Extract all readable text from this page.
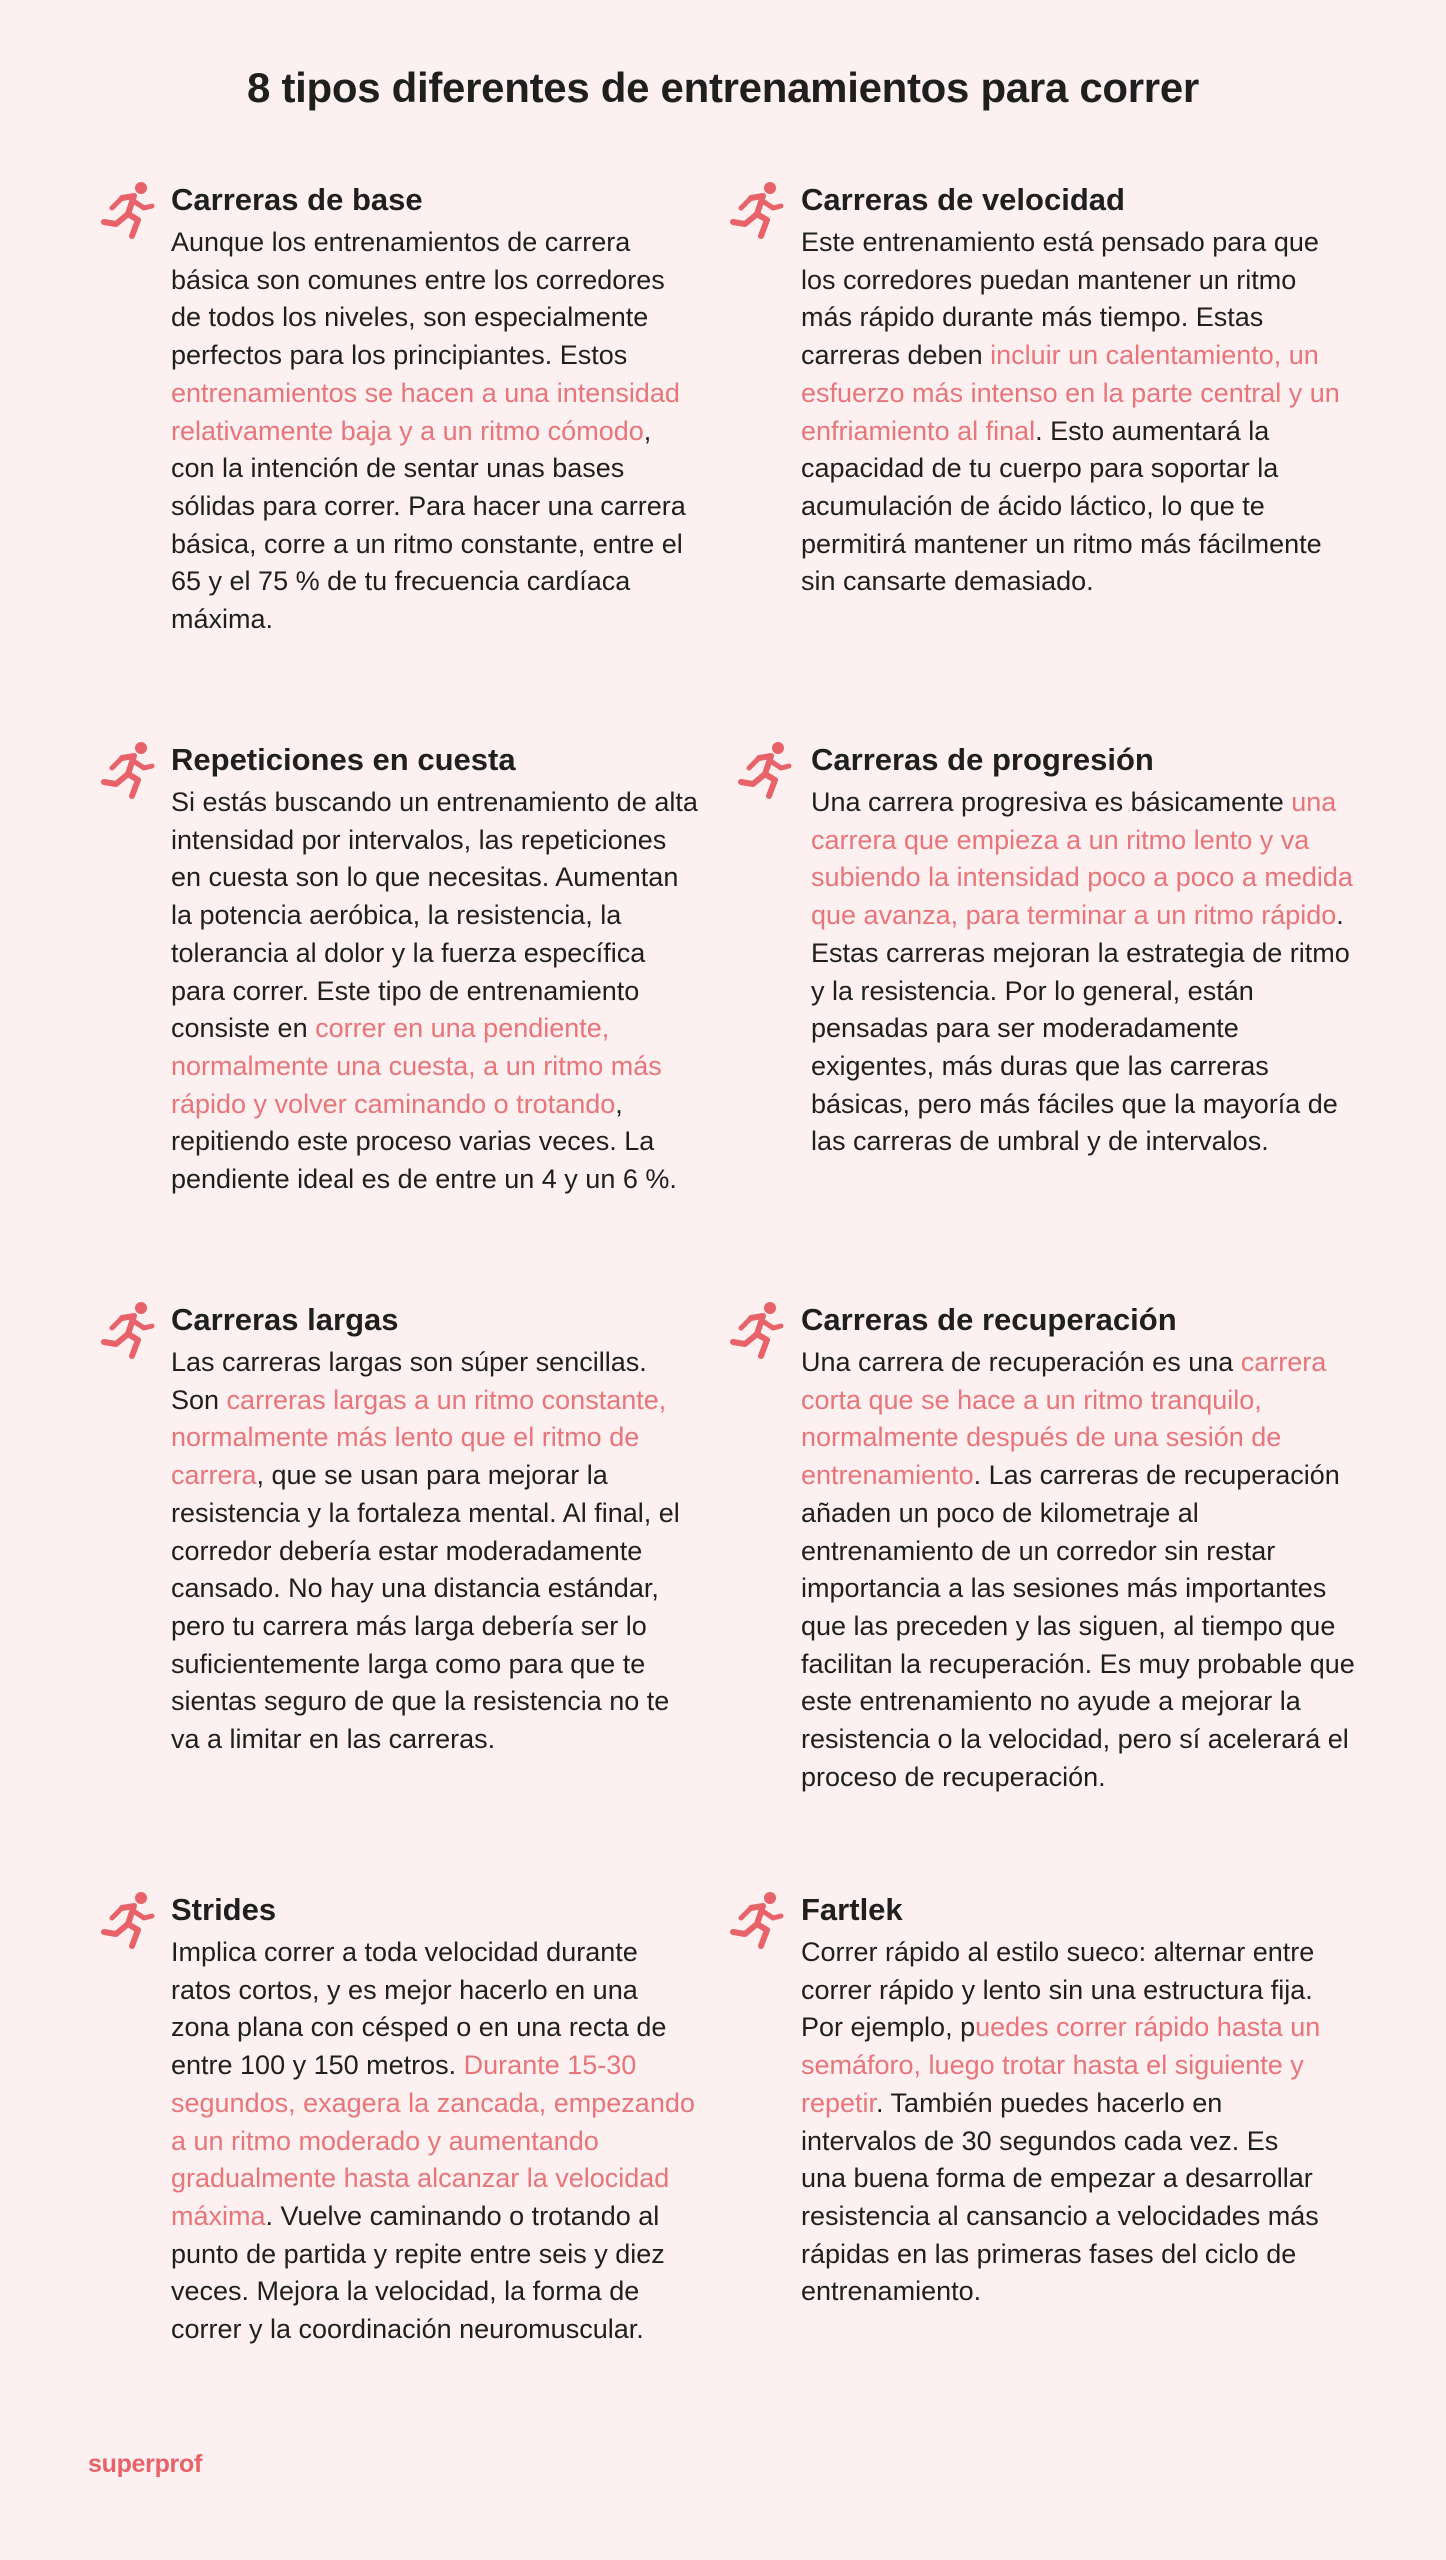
8 tipos diferentes de entrenamientos para correr
Carreras de base

Aunque los entrenamientos de carrera básica son comunes entre los corredores de todos los niveles, son especialmente perfectos para los principiantes. Estos entrenamientos se hacen a una intensidad relativamente baja y a un ritmo cómodo, con la intención de sentar unas bases sólidas para correr. Para hacer una carrera básica, corre a un ritmo constante, entre el 65 y el 75 % de tu frecuencia cardíaca máxima.

Carreras de velocidad

Este entrenamiento está pensado para que los corredores puedan mantener un ritmo más rápido durante más tiempo. Estas carreras deben incluir un calentamiento, un esfuerzo más intenso en la parte central y un enfriamiento al final. Esto aumentará la capacidad de tu cuerpo para soportar la acumulación de ácido láctico, lo que te permitirá mantener un ritmo más fácilmente sin cansarte demasiado.

Repeticiones en cuesta

Si estás buscando un entrenamiento de alta intensidad por intervalos, las repeticiones en cuesta son lo que necesitas. Aumentan la potencia aeróbica, la resistencia, la tolerancia al dolor y la fuerza específica para correr. Este tipo de entrenamiento consiste en correr en una pendiente, normalmente una cuesta, a un ritmo más rápido y volver caminando o trotando, repitiendo este proceso varias veces. La pendiente ideal es de entre un 4 y un 6 %.

Carreras de progresión

Una carrera progresiva es básicamente una carrera que empieza a un ritmo lento y va subiendo la intensidad poco a poco a medida que avanza, para terminar a un ritmo rápido. Estas carreras mejoran la estrategia de ritmo y la resistencia. Por lo general, están pensadas para ser moderadamente exigentes, más duras que las carreras básicas, pero más fáciles que la mayoría de las carreras de umbral y de intervalos.

Carreras largas

Las carreras largas son súper sencillas. Son carreras largas a un ritmo constante, normalmente más lento que el ritmo de carrera, que se usan para mejorar la resistencia y la fortaleza mental. Al final, el corredor debería estar moderadamente cansado. No hay una distancia estándar, pero tu carrera más larga debería ser lo suficientemente larga como para que te sientas seguro de que la resistencia no te va a limitar en las carreras.

Carreras de recuperación

Una carrera de recuperación es una carrera corta que se hace a un ritmo tranquilo, normalmente después de una sesión de entrenamiento. Las carreras de recuperación añaden un poco de kilometraje al entrenamiento de un corredor sin restar importancia a las sesiones más importantes que las preceden y las siguen, al tiempo que facilitan la recuperación. Es muy probable que este entrenamiento no ayude a mejorar la resistencia o la velocidad, pero sí acelerará el proceso de recuperación.

Strides

Implica correr a toda velocidad durante ratos cortos, y es mejor hacerlo en una zona plana con césped o en una recta de entre 100 y 150 metros. Durante 15-30 segundos, exagera la zancada, empezando a un ritmo moderado y aumentando gradualmente hasta alcanzar la velocidad máxima. Vuelve caminando o trotando al punto de partida y repite entre seis y diez veces. Mejora la velocidad, la forma de correr y la coordinación neuromuscular.

Fartlek

Correr rápido al estilo sueco: alternar entre correr rápido y lento sin una estructura fija. Por ejemplo, puedes correr rápido hasta un semáforo, luego trotar hasta el siguiente y repetir. También puedes hacerlo en intervalos de 30 segundos cada vez. Es una buena forma de empezar a desarrollar resistencia al cansancio a velocidades más rápidas en las primeras fases del ciclo de entrenamiento.

superprof
